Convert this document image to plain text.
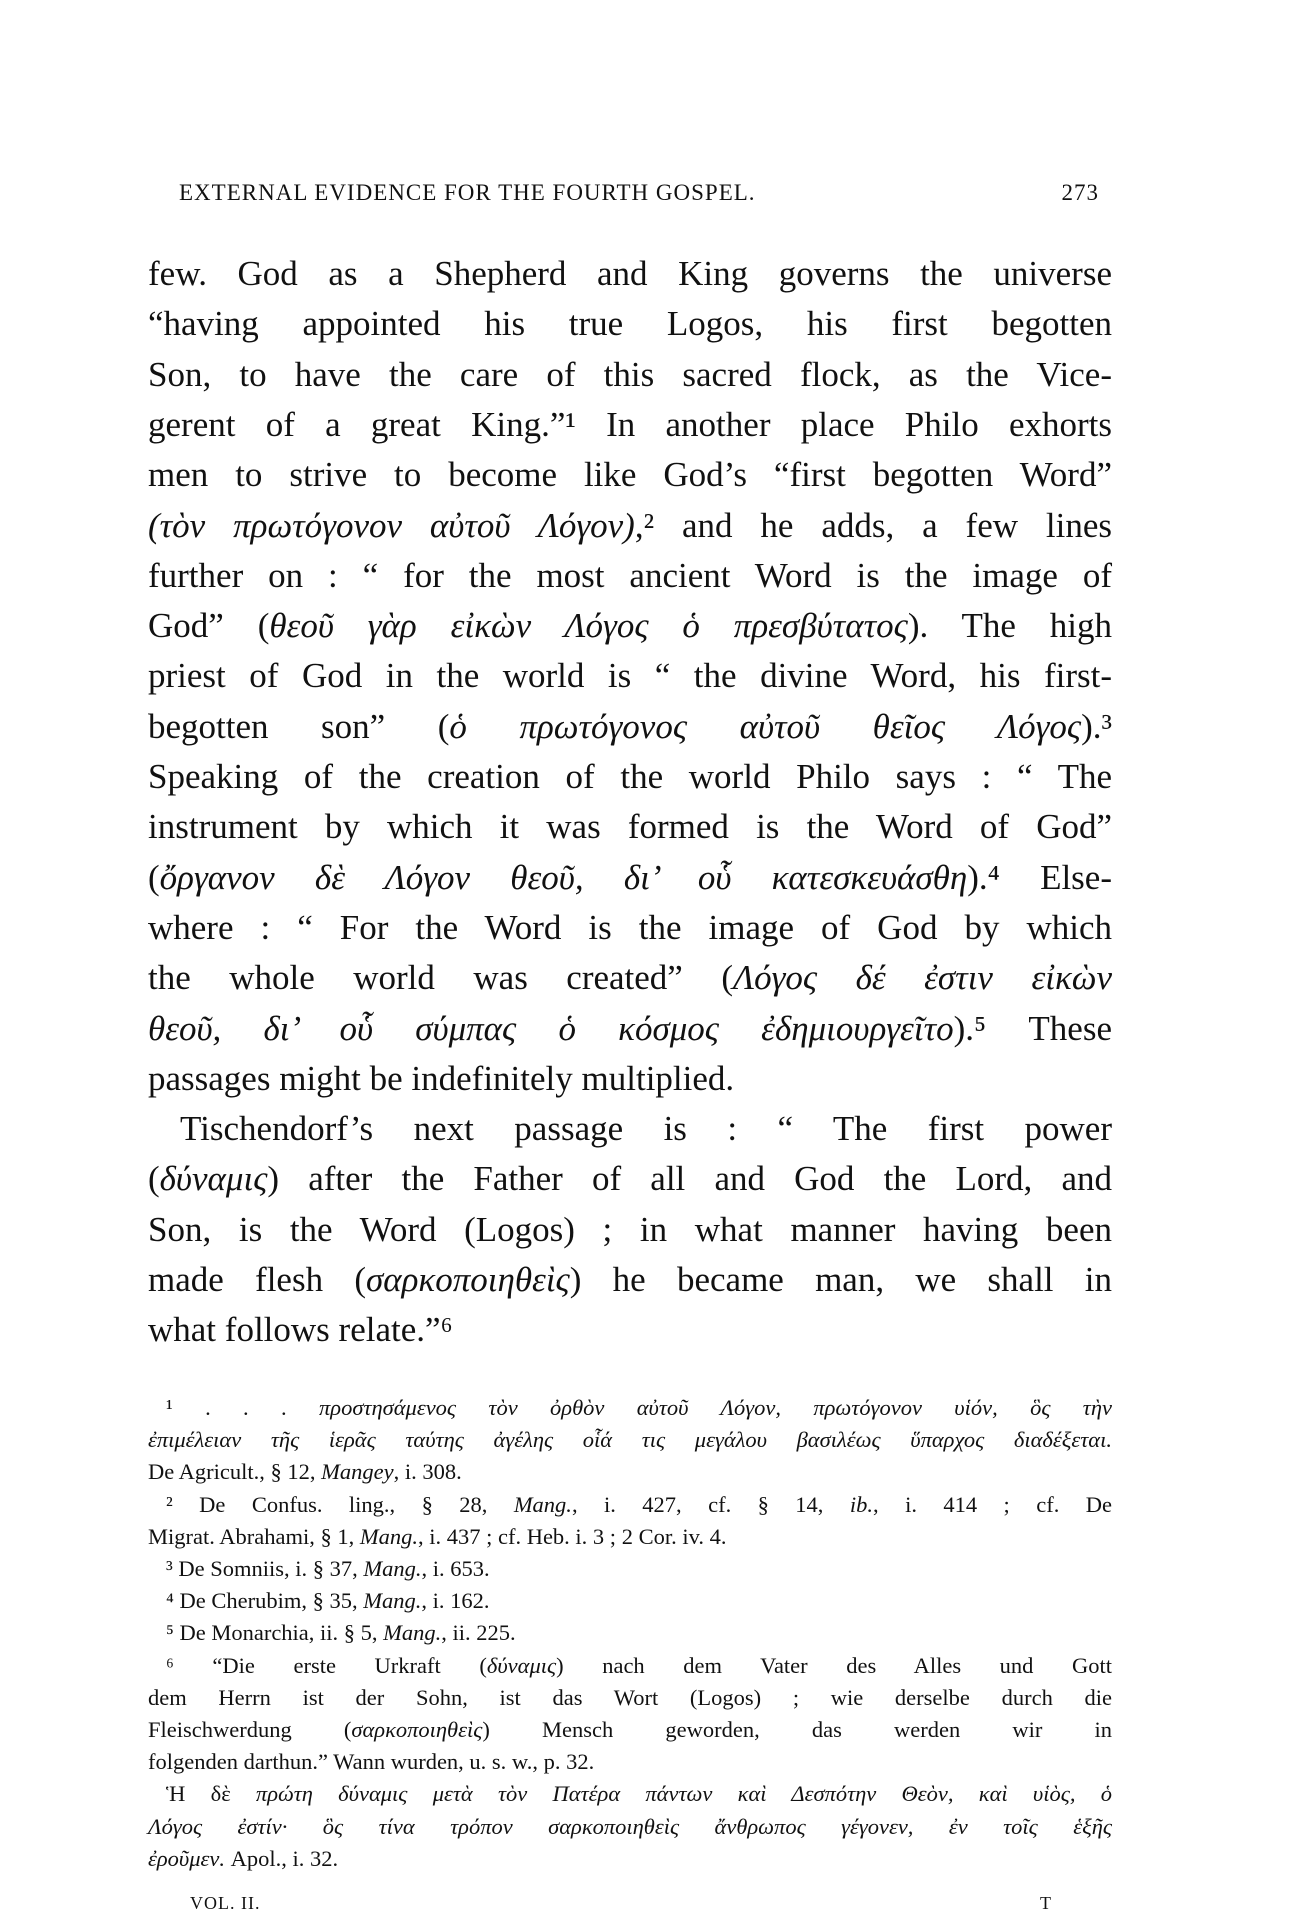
EXTERNAL EVIDENCE FOR THE FOURTH GOSPEL.	273
few. God as a Shepherd and King governs the universe
“having appointed his true Logos, his first begotten
Son, to have the care of this sacred flock, as the Vice-
gerent of a great King.”¹ In another place Philo exhorts
men to strive to become like God’s “first begotten Word”
(τὸν πρωτόγονον αὐτοῦ Λόγον),² and he adds, a few lines
further on : “ for the most ancient Word is the image of
God” (θεοῦ γὰρ εἰκὼν Λόγος ὁ πρεσβύτατος). The high
priest of God in the world is “ the divine Word, his first-
begotten son” (ὁ πρωτόγονος αὐτοῦ θεῖος Λόγος).³
Speaking of the creation of the world Philo says : “ The
instrument by which it was formed is the Word of God”
(ὄργανον δὲ Λόγον θεοῦ, δι’ οὗ κατεσκευάσθη).⁴ Else-
where : “ For the Word is the image of God by which
the whole world was created” (Λόγος δέ ἐστιν εἰκὼν
θεοῦ, δι’ οὗ σύμπας ὁ κόσμος ἐδημιουργεῖτο).⁵ These
passages might be indefinitely multiplied.
Tischendorf’s next passage is : “ The first power
(δύναμις) after the Father of all and God the Lord, and
Son, is the Word (Logos) ; in what manner having been
made flesh (σαρκοποιηθεὶς) he became man, we shall in
what follows relate.”⁶
¹ . . . προστησάμενος τὸν ὀρθὸν αὐτοῦ Λόγον, πρωτόγονον υἱόν, ὃς τὴν
ἐπιμέλειαν τῆς ἱερᾶς ταύτης ἀγέλης οἷά τις μεγάλου βασιλέως ὕπαρχος διαδέξεται.
De Agricult., § 12, Mangey, i. 308.
² De Confus. ling., § 28, Mang., i. 427, cf. § 14, ib., i. 414 ; cf. De
Migrat. Abrahami, § 1, Mang., i. 437 ; cf. Heb. i. 3 ; 2 Cor. iv. 4.
³ De Somniis, i. § 37, Mang., i. 653.
⁴ De Cherubim, § 35, Mang., i. 162.
⁵ De Monarchia, ii. § 5, Mang., ii. 225.
⁶ “Die erste Urkraft (δύναμις) nach dem Vater des Alles und Gott
dem Herrn ist der Sohn, ist das Wort (Logos) ; wie derselbe durch die
Fleischwerdung (σαρκοποιηθεὶς) Mensch geworden, das werden wir in
folgenden darthun.” Wann wurden, u. s. w., p. 32.
Ἡ δὲ πρώτη δύναμις μετὰ τὸν Πατέρα πάντων καὶ Δεσπότην Θεὸν, καὶ υἱὸς, ὁ
Λόγος ἐστίν· ὃς τίνα τρόπον σαρκοποιηθεὶς ἄνθρωπος γέγονεν, ἐν τοῖς ἑξῆς
ἐροῦμεν. Apol., i. 32.
VOL. II.	T
